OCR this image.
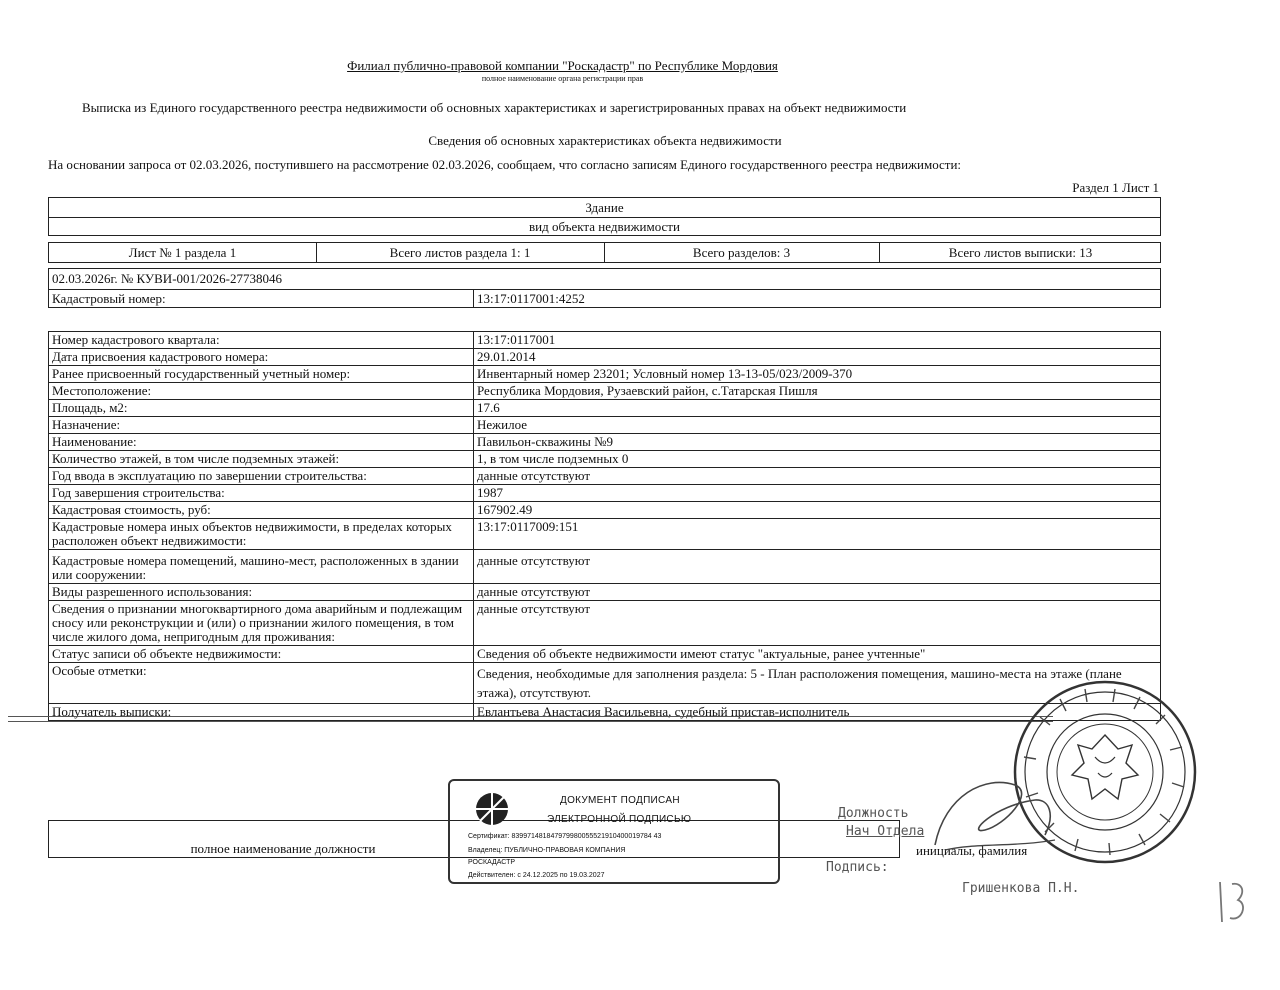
Филиал публично-правовой компании "Роскадастр" по Республике Мордовия
полное наименование органа регистрации прав
Выписка из Единого государственного реестра недвижимости об основных характеристиках и зарегистрированных правах на объект недвижимости
Сведения об основных характеристиках объекта недвижимости
На основании запроса от 02.03.2026, поступившего на рассмотрение 02.03.2026, сообщаем, что согласно записям Единого государственного реестра недвижимости:
Раздел 1 Лист 1
Здание
вид объекта недвижимости
Лист № 1 раздела 1	Всего листов раздела 1: 1	Всего разделов: 3	Всего листов выписки: 13
02.03.2026г. № КУВИ-001/2026-27738046
Кадастровый номер:	13:17:0117001:4252
Номер кадастрового квартала:	13:17:0117001
Дата присвоения кадастрового номера:	29.01.2014
Ранее присвоенный государственный учетный номер:	Инвентарный номер 23201; Условный номер 13-13-05/023/2009-370
Местоположение:	Республика Мордовия, Рузаевский район, с.Татарская Пишля
Площадь, м2:	17.6
Назначение:	Нежилое
Наименование:	Павильон-скважины №9
Количество этажей, в том числе подземных этажей:	1, в том числе подземных 0
Год ввода в эксплуатацию по завершении строительства:	данные отсутствуют
Год завершения строительства:	1987
Кадастровая стоимость, руб:	167902.49
Кадастровые номера иных объектов недвижимости, в пределах которых расположен объект недвижимости:	13:17:0117009:151
Кадастровые номера помещений, машино-мест, расположенных в здании или сооружении:	данные отсутствуют
Виды разрешенного использования:	данные отсутствуют
Сведения о признании многоквартирного дома аварийным и подлежащим сносу или реконструкции и (или) о признании жилого помещения, в том числе жилого дома, непригодным для проживания:	данные отсутствуют
Статус записи об объекте недвижимости:	Сведения об объекте недвижимости имеют статус "актуальные, ранее учтенные"
Особые отметки:	Сведения, необходимые для заполнения раздела: 5 - План расположения помещения, машино-места на этаже (плане этажа), отсутствуют.
Получатель выписки:	Евлантьева Анастасия Васильевна, судебный пристав-исполнитель
полное наименование должности	инициалы, фамилия
ДОКУМЕНТ ПОДПИСАН
ЭЛЕКТРОННОЙ ПОДПИСЬЮ
Сертификат: 839971481847979980055521910400019784 43
Владелец: ПУБЛИЧНО-ПРАВОВАЯ КОМПАНИЯ
РОСКАДАСТР
Действителен: с 24.12.2025 по 19.03.2027
Должность
Нач Отдела
Подпись:
Гришенкова П.Н.
